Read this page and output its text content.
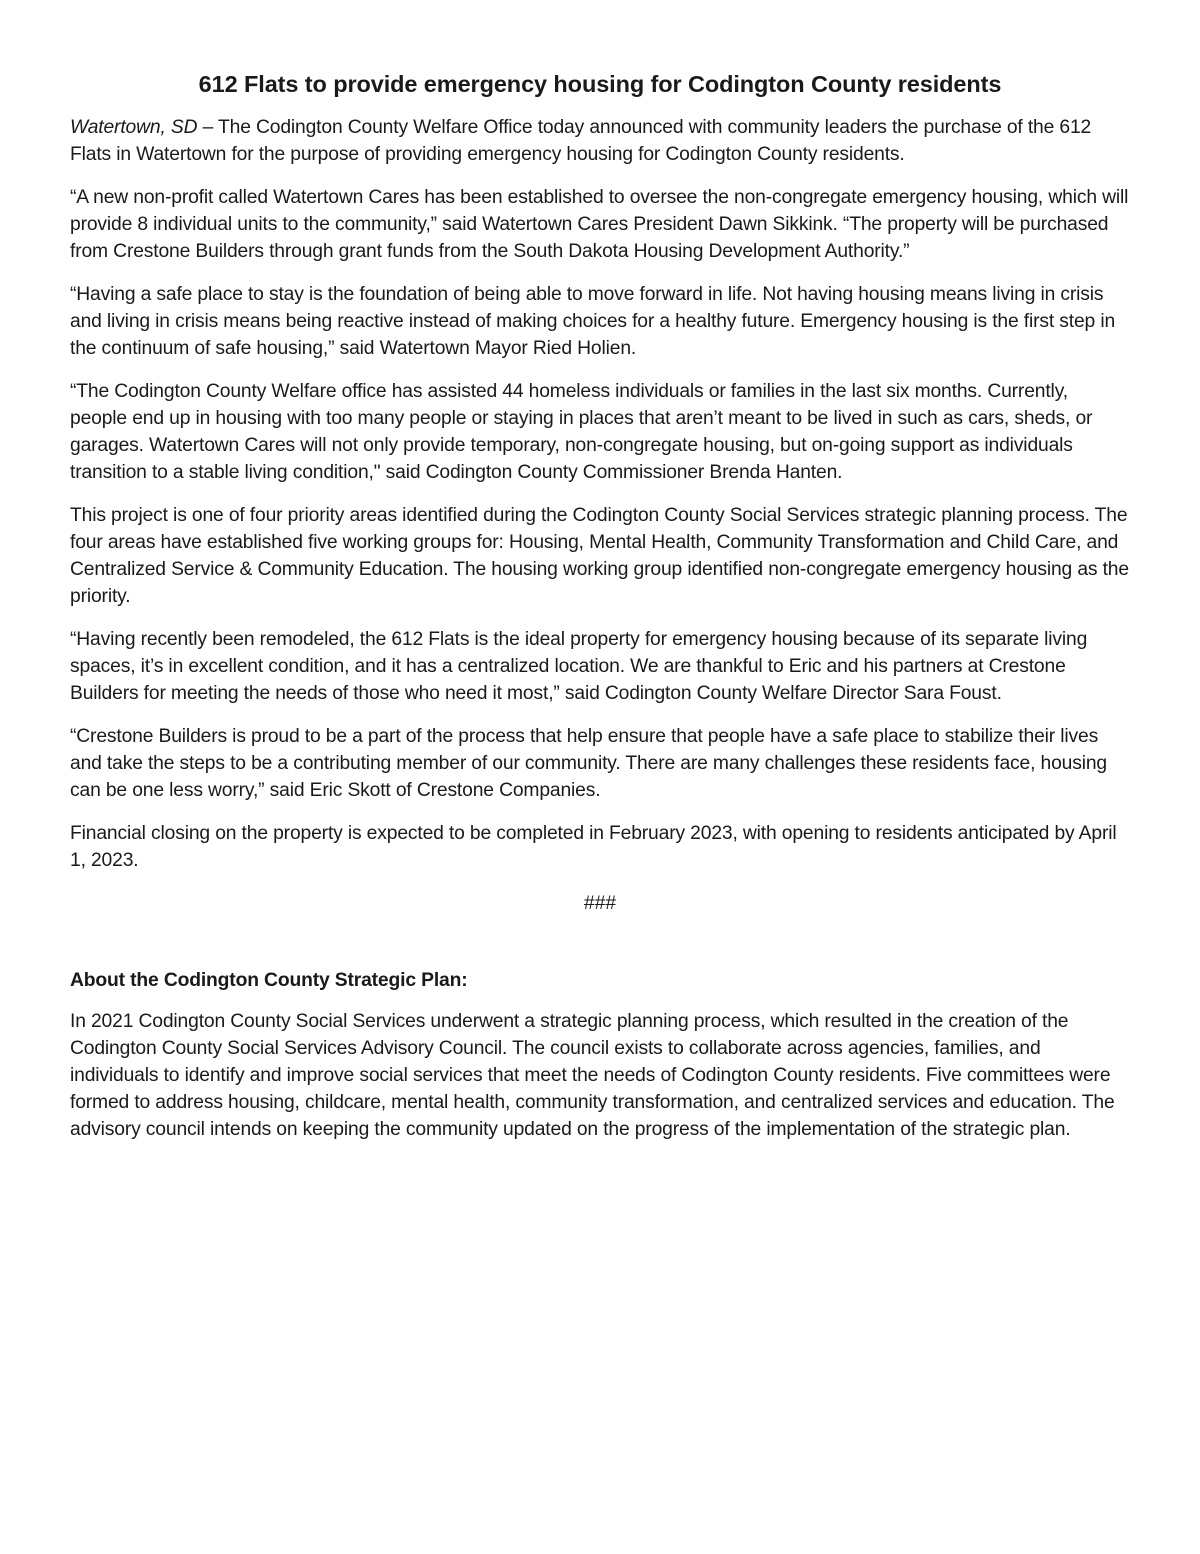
612 Flats to provide emergency housing for Codington County residents

Watertown, SD – The Codington County Welfare Office today announced with community leaders the purchase of the 612 Flats in Watertown for the purpose of providing emergency housing for Codington County residents.

“A new non-profit called Watertown Cares has been established to oversee the non-congregate emergency housing, which will provide 8 individual units to the community,” said Watertown Cares President Dawn Sikkink. “The property will be purchased from Crestone Builders through grant funds from the South Dakota Housing Development Authority.”

“Having a safe place to stay is the foundation of being able to move forward in life. Not having housing means living in crisis and living in crisis means being reactive instead of making choices for a healthy future. Emergency housing is the first step in the continuum of safe housing,” said Watertown Mayor Ried Holien.

“The Codington County Welfare office has assisted 44 homeless individuals or families in the last six months. Currently, people end up in housing with too many people or staying in places that aren’t meant to be lived in such as cars, sheds, or garages. Watertown Cares will not only provide temporary, non-congregate housing, but on-going support as individuals transition to a stable living condition," said Codington County Commissioner Brenda Hanten.

This project is one of four priority areas identified during the Codington County Social Services strategic planning process. The four areas have established five working groups for: Housing, Mental Health, Community Transformation and Child Care, and Centralized Service & Community Education. The housing working group identified non-congregate emergency housing as the priority.

“Having recently been remodeled, the 612 Flats is the ideal property for emergency housing because of its separate living spaces, it’s in excellent condition, and it has a centralized location. We are thankful to Eric and his partners at Crestone Builders for meeting the needs of those who need it most,” said Codington County Welfare Director Sara Foust.

“Crestone Builders is proud to be a part of the process that help ensure that people have a safe place to stabilize their lives and take the steps to be a contributing member of our community. There are many challenges these residents face, housing can be one less worry,” said Eric Skott of Crestone Companies.

Financial closing on the property is expected to be completed in February 2023, with opening to residents anticipated by April 1, 2023.

###
About the Codington County Strategic Plan:

In 2021 Codington County Social Services underwent a strategic planning process, which resulted in the creation of the Codington County Social Services Advisory Council. The council exists to collaborate across agencies, families, and individuals to identify and improve social services that meet the needs of Codington County residents. Five committees were formed to address housing, childcare, mental health, community transformation, and centralized services and education. The advisory council intends on keeping the community updated on the progress of the implementation of the strategic plan.
